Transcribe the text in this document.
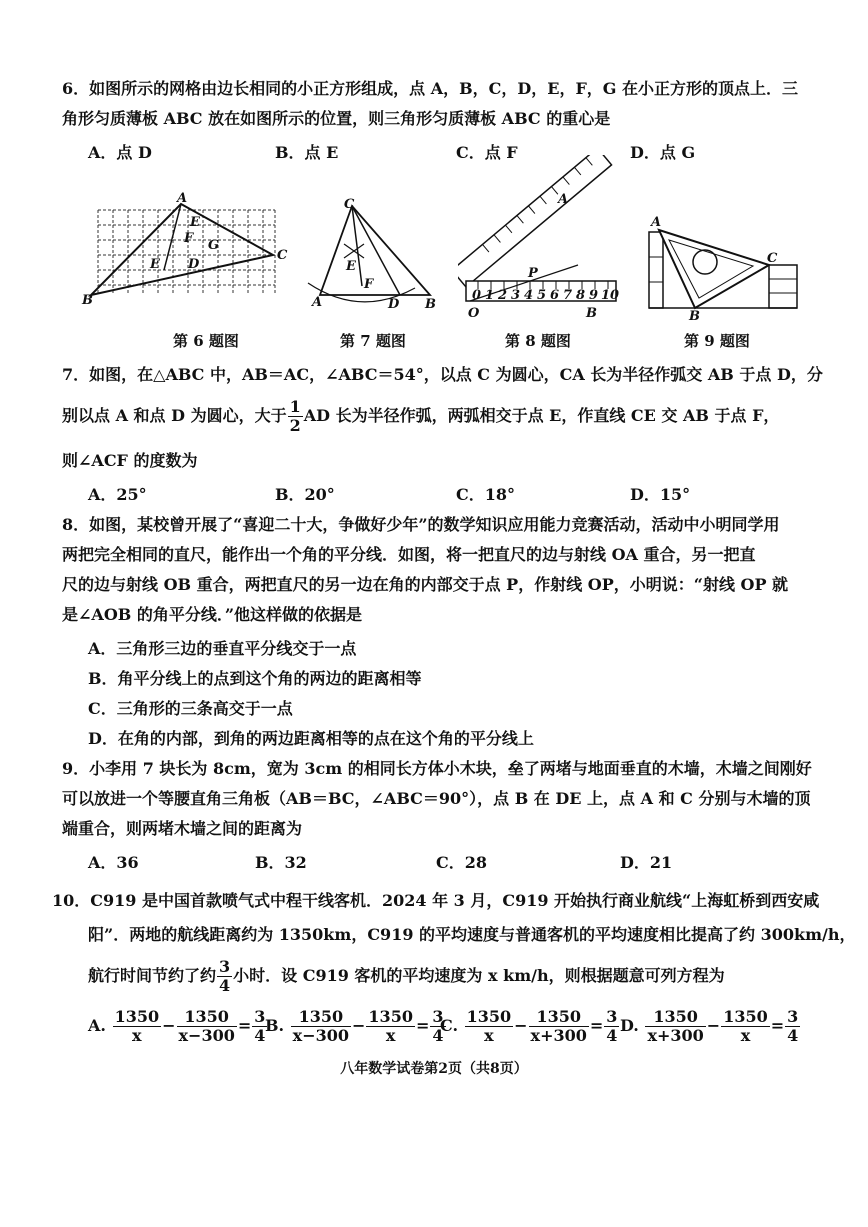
6．如图所示的网格由边长相同的小正方形组成，点 A，B，C，D，E，F，G 在小正方形的顶点上．三
角形匀质薄板 ABC 放在如图所示的位置，则三角形匀质薄板 ABC 的重心是
A．点 D	B．点 E	C．点 F	D．点 G
A
E
F G
C
E D
B
C
E
F
A	D B
A
P
O	B
0 1 2 3 4 5 6 7 8 9 10
A
C
B
第 6 题图	第 7 题图	第 8 题图	第 9 题图
7．如图，在△ABC 中，AB＝AC，∠ABC＝54°，以点 C 为圆心，CA 长为半径作弧交 AB 于点 D，分
别以点 A 和点 D 为圆心，大于 $\frac{1}{2}$ AD 长为半径作弧，两弧相交于点 E，作直线 CE 交 AB 于点 F，
则∠ACF 的度数为
A．25°	B．20°	C．18°	D．15°
8．如图，某校曾开展了“喜迎二十大，争做好少年”的数学知识应用能力竞赛活动，活动中小明同学用
两把完全相同的直尺，能作出一个角的平分线．如图，将一把直尺的边与射线 OA 重合，另一把直
尺的边与射线 OB 重合，两把直尺的另一边在角的内部交于点 P，作射线 OP，小明说：“射线 OP 就
是∠AOB 的角平分线．”他这样做的依据是
A．三角形三边的垂直平分线交于一点
B．角平分线上的点到这个角的两边的距离相等
C．三角形的三条高交于一点
D．在角的内部，到角的两边距离相等的点在这个角的平分线上
9．小李用 7 块长为 8cm，宽为 3cm 的相同长方体小木块，垒了两堵与地面垂直的木墙，木墙之间刚好
可以放进一个等腰直角三角板（AB＝BC，∠ABC＝90°），点 B 在 DE 上，点 A 和 C 分别与木墙的顶
端重合，则两堵木墙之间的距离为
A．36	B．32	C．28	D．21
10．C919 是中国首款喷气式中程干线客机．2024 年 3 月，C919 开始执行商业航线“上海虹桥到西安咸
阳”．两地的航线距离约为 1350km，C919 的平均速度与普通客机的平均速度相比提高了约 300km/h，
航行时间节约了约 $\frac{3}{4}$ 小时．设 C919 客机的平均速度为 x km/h，则根据题意可列方程为
A. $\frac{1350}{x} - \frac{1350}{x-300} = \frac{3}{4}$
B. $\frac{1350}{x-300} - \frac{1350}{x} = \frac{3}{4}$
C. $\frac{1350}{x} - \frac{1350}{x+300} = \frac{3}{4} D$. $\frac{1350}{x+300} - \frac{1350}{x} = \frac{3}{4}$
八年数学试卷第2页（共8页）
